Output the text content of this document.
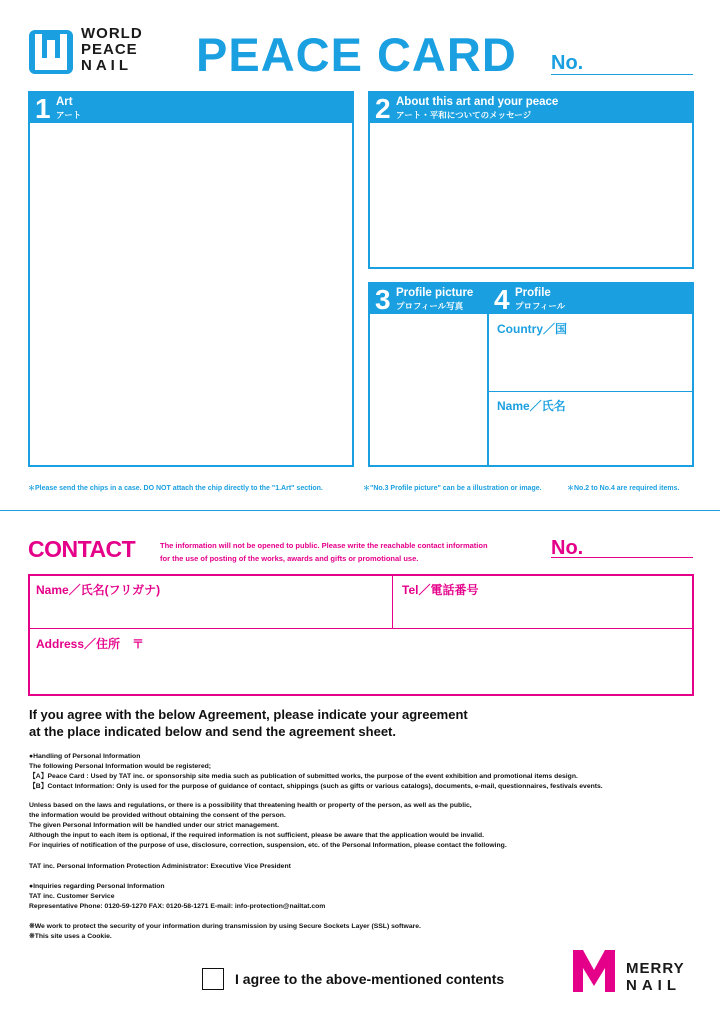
WORLD
PEACE
NAIL PEACE CARD No.
1 Art
アート	2 About this art and your peace
アート・平和についてのメッセージ
3 Profile picture
プロフィール写真 4 Profile
プロフィール
Country／国
Name／氏名
＊Please send the chips in a case. DO NOT attach the chip directly to the "1.Art" section.	＊"No.3 Profile picture" can be a illustration or image.	＊No.2 to No.4 are required items.
CONTACT	The information will not be opened to public. Please write the reachable contact information
for the use of posting of the works, awards and gifts or promotional use.	No.
Name／氏名(フリガナ)	Tel／電話番号
Address／住所　〒
If you agree with the below Agreement, please indicate your agreement
at the place indicated below and send the agreement sheet.
●Handling of Personal Information
The following Personal Information would be registered;
【A】Peace Card : Used by TAT inc. or sponsorship site media such as publication of submitted works, the purpose of the event exhibition and promotional items design.
【B】Contact Information: Only is used for the purpose of guidance of contact, shippings (such as gifts or various catalogs), documents, e-mail, questionnaires, festivals events.
Unless based on the laws and regulations, or there is a possibility that threatening health or property of the person, as well as the public,
the information would be provided without obtaining the consent of the person.
The given Personal Information will be handled under our strict management.
Although the input to each item is optional, if the required information is not sufficient, please be aware that the application would be invalid.
For inquiries of notification of the purpose of use, disclosure, correction, suspension, etc. of the Personal Information, please contact the following.
TAT inc. Personal Information Protection Administrator: Executive Vice President
●Inquiries regarding Personal Information
TAT inc. Customer Service
Representative Phone: 0120-59-1270 FAX: 0120-58-1271 E-mail: info-protection@nailtat.com
※We work to protect the security of your information during transmission by using Secure Sockets Layer (SSL) software.
※This site uses a Cookie.
I agree to the above-mentioned contents
MERRY
NAIL
